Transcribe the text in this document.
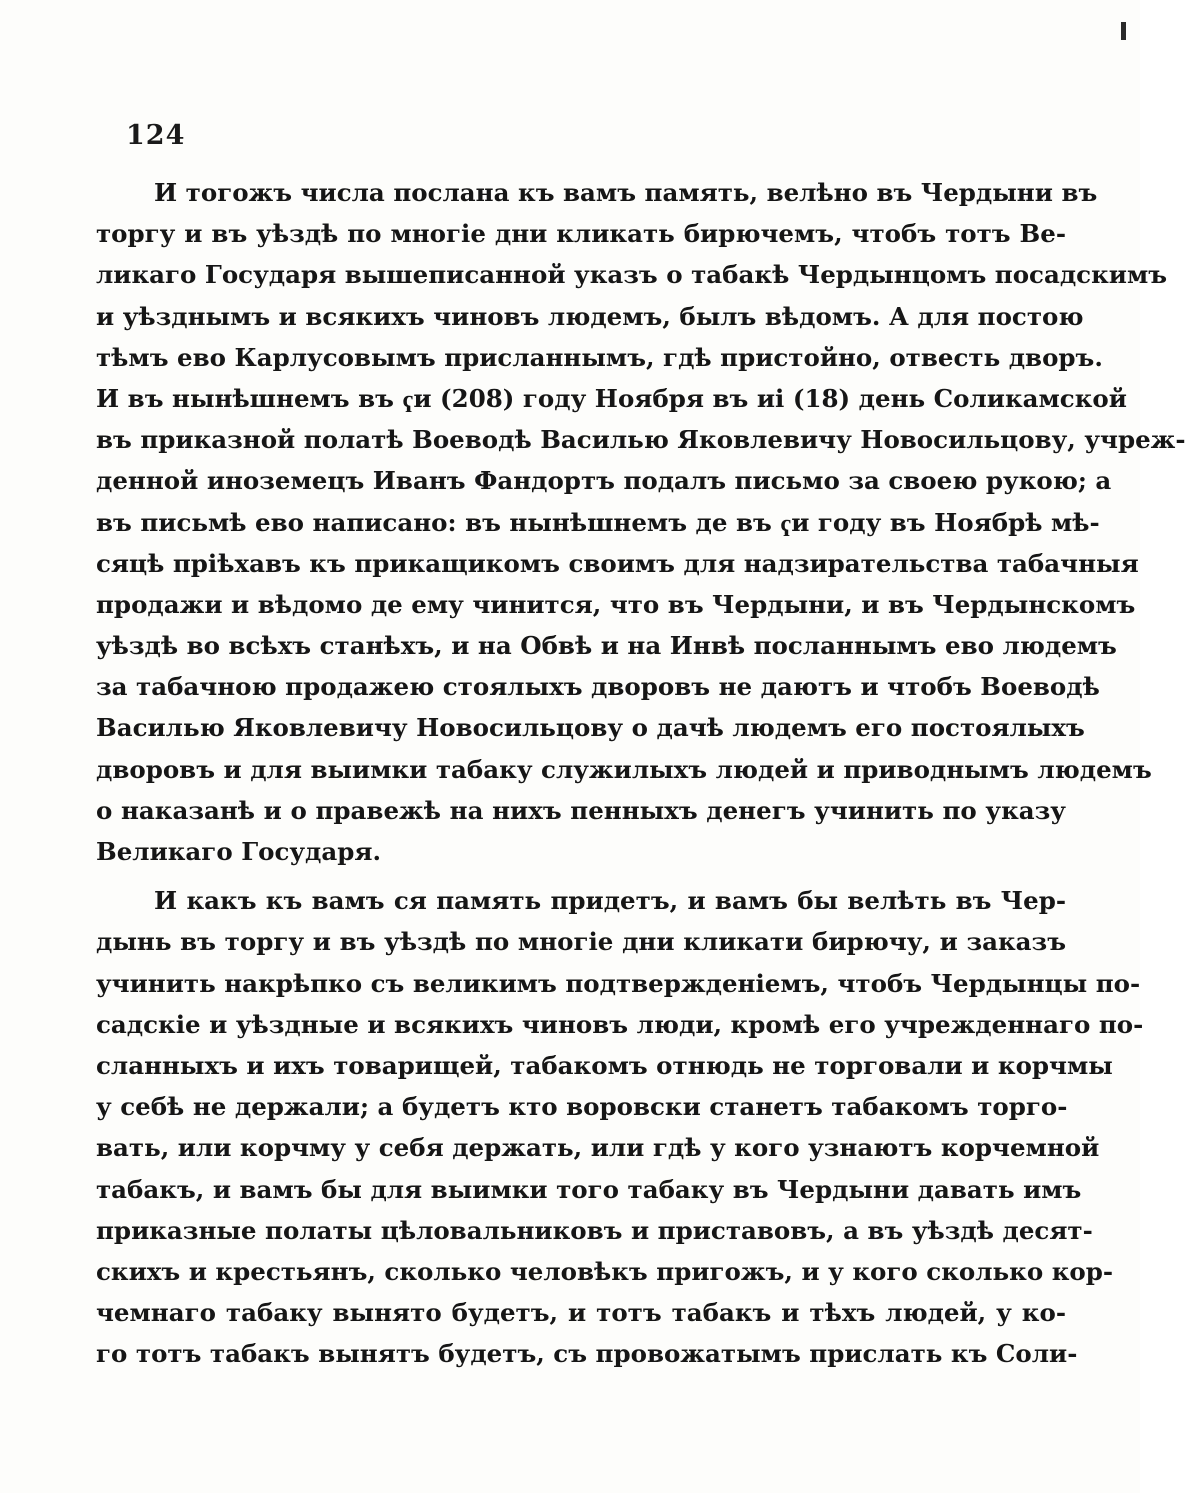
124
И тогожъ числа послана къ вамъ память, велѣно въ Чердыни въ
торгу и въ уѣздѣ по многіе дни кликать бирючемъ, чтобъ тотъ Ве-
ликаго Государя вышеписанной указъ о табакѣ Чердынцомъ посадскимъ
и уѣзднымъ и всякихъ чиновъ людемъ, былъ вѣдомъ. А для постою
тѣмъ ево Карлусовымъ присланнымъ, гдѣ пристойно, отвесть дворъ.
И въ нынѣшнемъ въ ҁи (208) году Ноября въ иі (18) день Соликамской
въ приказной полатѣ Воеводѣ Василью Яковлевичу Новосильцову, учреж-
денной иноземецъ Иванъ Фандортъ подалъ письмо за своею рукою; а
въ письмѣ ево написано: въ нынѣшнемъ де въ ҁи году въ Ноябрѣ мѣ-
сяцѣ пріѣхавъ къ прикащикомъ своимъ для надзирательства табачныя
продажи и вѣдомо де ему чинится, что въ Чердыни, и въ Чердынскомъ
уѣздѣ во всѣхъ станѣхъ, и на Обвѣ и на Инвѣ посланнымъ ево людемъ
за табачною продажею стоялыхъ дворовъ не даютъ и чтобъ Воеводѣ
Василью Яковлевичу Новосильцову о дачѣ людемъ его постоялыхъ
дворовъ и для выимки табаку служилыхъ людей и приводнымъ людемъ
о наказанѣ и о правежѣ на нихъ пенныхъ денегъ учинить по указу
Великаго Государя.
И какъ къ вамъ ся память придетъ, и вамъ бы велѣть въ Чер-
дынь въ торгу и въ уѣздѣ по многіе дни кликати бирючу, и заказъ
учинить накрѣпко съ великимъ подтвержденіемъ, чтобъ Чердынцы по-
садскіе и уѣздные и всякихъ чиновъ люди, кромѣ его учрежденнаго по-
сланныхъ и ихъ товарищей, табакомъ отнюдь не торговали и корчмы
у себѣ не держали; а будетъ кто воровски станетъ табакомъ торго-
вать, или корчму у себя держать, или гдѣ у кого узнаютъ корчемной
табакъ, и вамъ бы для выимки того табаку въ Чердыни давать имъ
приказные полаты цѣловальниковъ и приставовъ, а въ уѣздѣ десят-
скихъ и крестьянъ, сколько человѣкъ пригожъ, и у кого сколько кор-
чемнаго табаку вынято будетъ, и тотъ табакъ и тѣхъ людей, у ко-
го тотъ табакъ вынятъ будетъ, съ провожатымъ прислать къ Соли-
